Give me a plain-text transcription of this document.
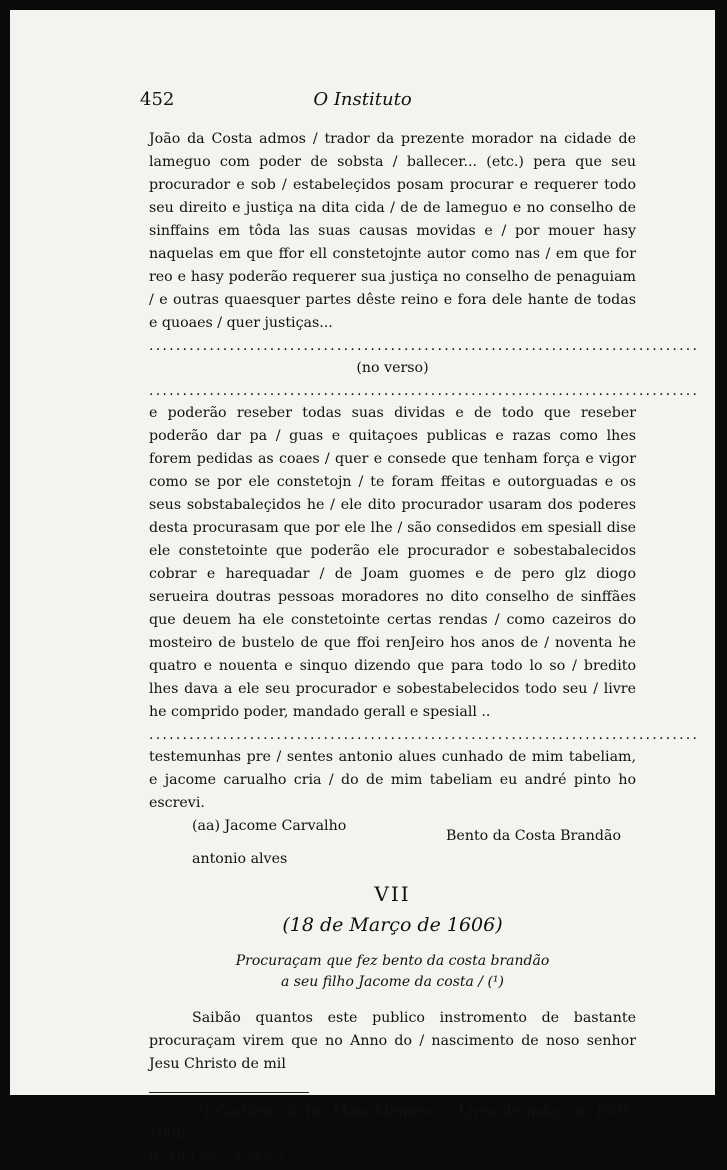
452	O Instituto

João da Costa admos / trador da prezente morador na cidade de lameguo com poder de sobsta / ballecer... (etc.) pera que seu procurador e sob / estabeleçidos posam procurar e requerer todo seu direito e justiça na dita cida / de de lameguo e no conselho de sinffains em tôda las suas causas movidas e / por mouer hasy naquelas em que ffor ell constetojnte autor como nas / em que for reo e hasy poderão requerer sua justiça no conselho de penaguiam / e outras quaesquer partes dêste reino e fora dele hante de todas e quoaes / quer justiças...

..................................................................................
(no verso)
..................................................................................

e poderão reseber todas suas dividas e de todo que reseber poderão dar pa / guas e quitaçoes publicas e razas como lhes forem pedidas as coaes / quer e consede que tenham força e vigor como se por ele constetojn / te foram ffeitas e outorguadas e os seus sobstabaleçidos he / ele dito procurador usaram dos poderes desta procurasam que por ele lhe / são consedidos em spesiall dise ele constetointe que poderão ele procurador e sobestabalecidos cobrar e harequadar / de Joam guomes e de pero glz diogo serueira doutras pessoas moradores no dito conselho de sinffães que deuem ha ele constetointe certas rendas / como cazeiros do mosteiro de bustelo de que ffoi renJeiro hos anos de / noventa he quatro e nouenta e sinquo dizendo que para todo lo so / bredito lhes dava a ele seu procurador e sobestabelecidos todo seu / livre he comprido poder, mandado gerall e spesiall ..

..................................................................................

testemunhas pre / sentes antonio alues cunhado de mim tabeliam, e jacome carualho cria / do de mim tabeliam eu andré pinto ho escrevi.

(aa) Jacome Carvalho
Bento da Costa Brandão
antonio alves
VII
(18 de Março de 1606)
Procuraçam que fez bento da costa brandão
a seu filho Jacome da costa / (¹)

Saibão quantos este publico instromento de bastante procuraçam virem que no Anno do / nascimento de noso senhor Jesu Christo de mil

(¹) Cartório do Dr. Maia Mendes — Livro de notas de 1605-1606

fl. 193 v.º a 194 v.º.
